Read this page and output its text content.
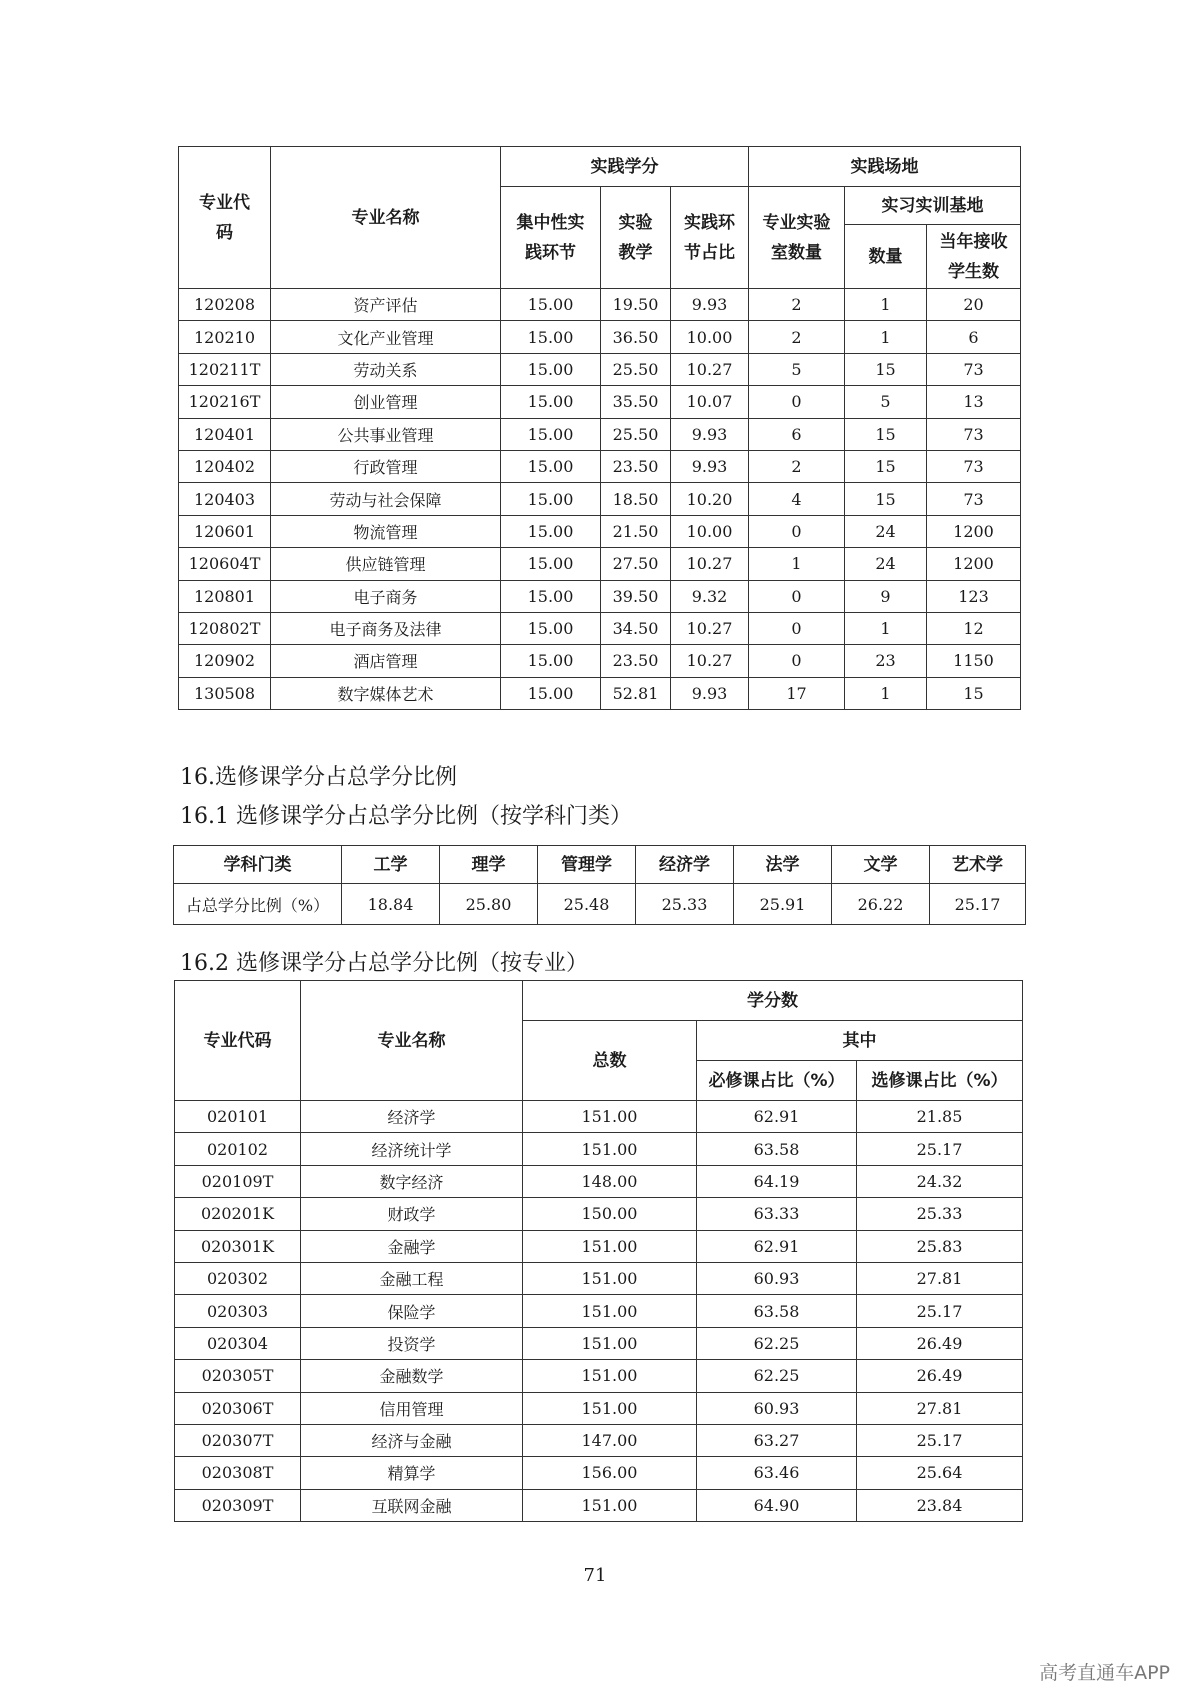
专业代码	专业名称	实践学分			实践场地		
		集中性实践环节	实验教学	实践环节占比	专业实验室数量	实习实训基地	
						数量	当年接收学生数
120208	资产评估	15.00	19.50	9.93	2	1	20
120210	文化产业管理	15.00	36.50	10.00	2	1	6
120211T	劳动关系	15.00	25.50	10.27	5	15	73
120216T	创业管理	15.00	35.50	10.07	0	5	13
120401	公共事业管理	15.00	25.50	9.93	6	15	73
120402	行政管理	15.00	23.50	9.93	2	15	73
120403	劳动与社会保障	15.00	18.50	10.20	4	15	73
120601	物流管理	15.00	21.50	10.00	0	24	1200
120604T	供应链管理	15.00	27.50	10.27	1	24	1200
120801	电子商务	15.00	39.50	9.32	0	9	123
120802T	电子商务及法律	15.00	34.50	10.27	0	1	12
120902	酒店管理	15.00	23.50	10.27	0	23	1150
130508	数字媒体艺术	15.00	52.81	9.93	17	1	15
16.选修课学分占总学分比例
16.1 选修课学分占总学分比例（按学科门类）
学科门类	工学	理学	管理学	经济学	法学	文学	艺术学
占总学分比例（%）	18.84	25.80	25.48	25.33	25.91	26.22	25.17
16.2 选修课学分占总学分比例（按专业）
专业代码	专业名称	学分数		
		总数	其中	
			必修课占比（%）	选修课占比（%）
020101	经济学	151.00	62.91	21.85
020102	经济统计学	151.00	63.58	25.17
020109T	数字经济	148.00	64.19	24.32
020201K	财政学	150.00	63.33	25.33
020301K	金融学	151.00	62.91	25.83
020302	金融工程	151.00	60.93	27.81
020303	保险学	151.00	63.58	25.17
020304	投资学	151.00	62.25	26.49
020305T	金融数学	151.00	62.25	26.49
020306T	信用管理	151.00	60.93	27.81
020307T	经济与金融	147.00	63.27	25.17
020308T	精算学	156.00	63.46	25.64
020309T	互联网金融	151.00	64.90	23.84
71
高考直通车APP
